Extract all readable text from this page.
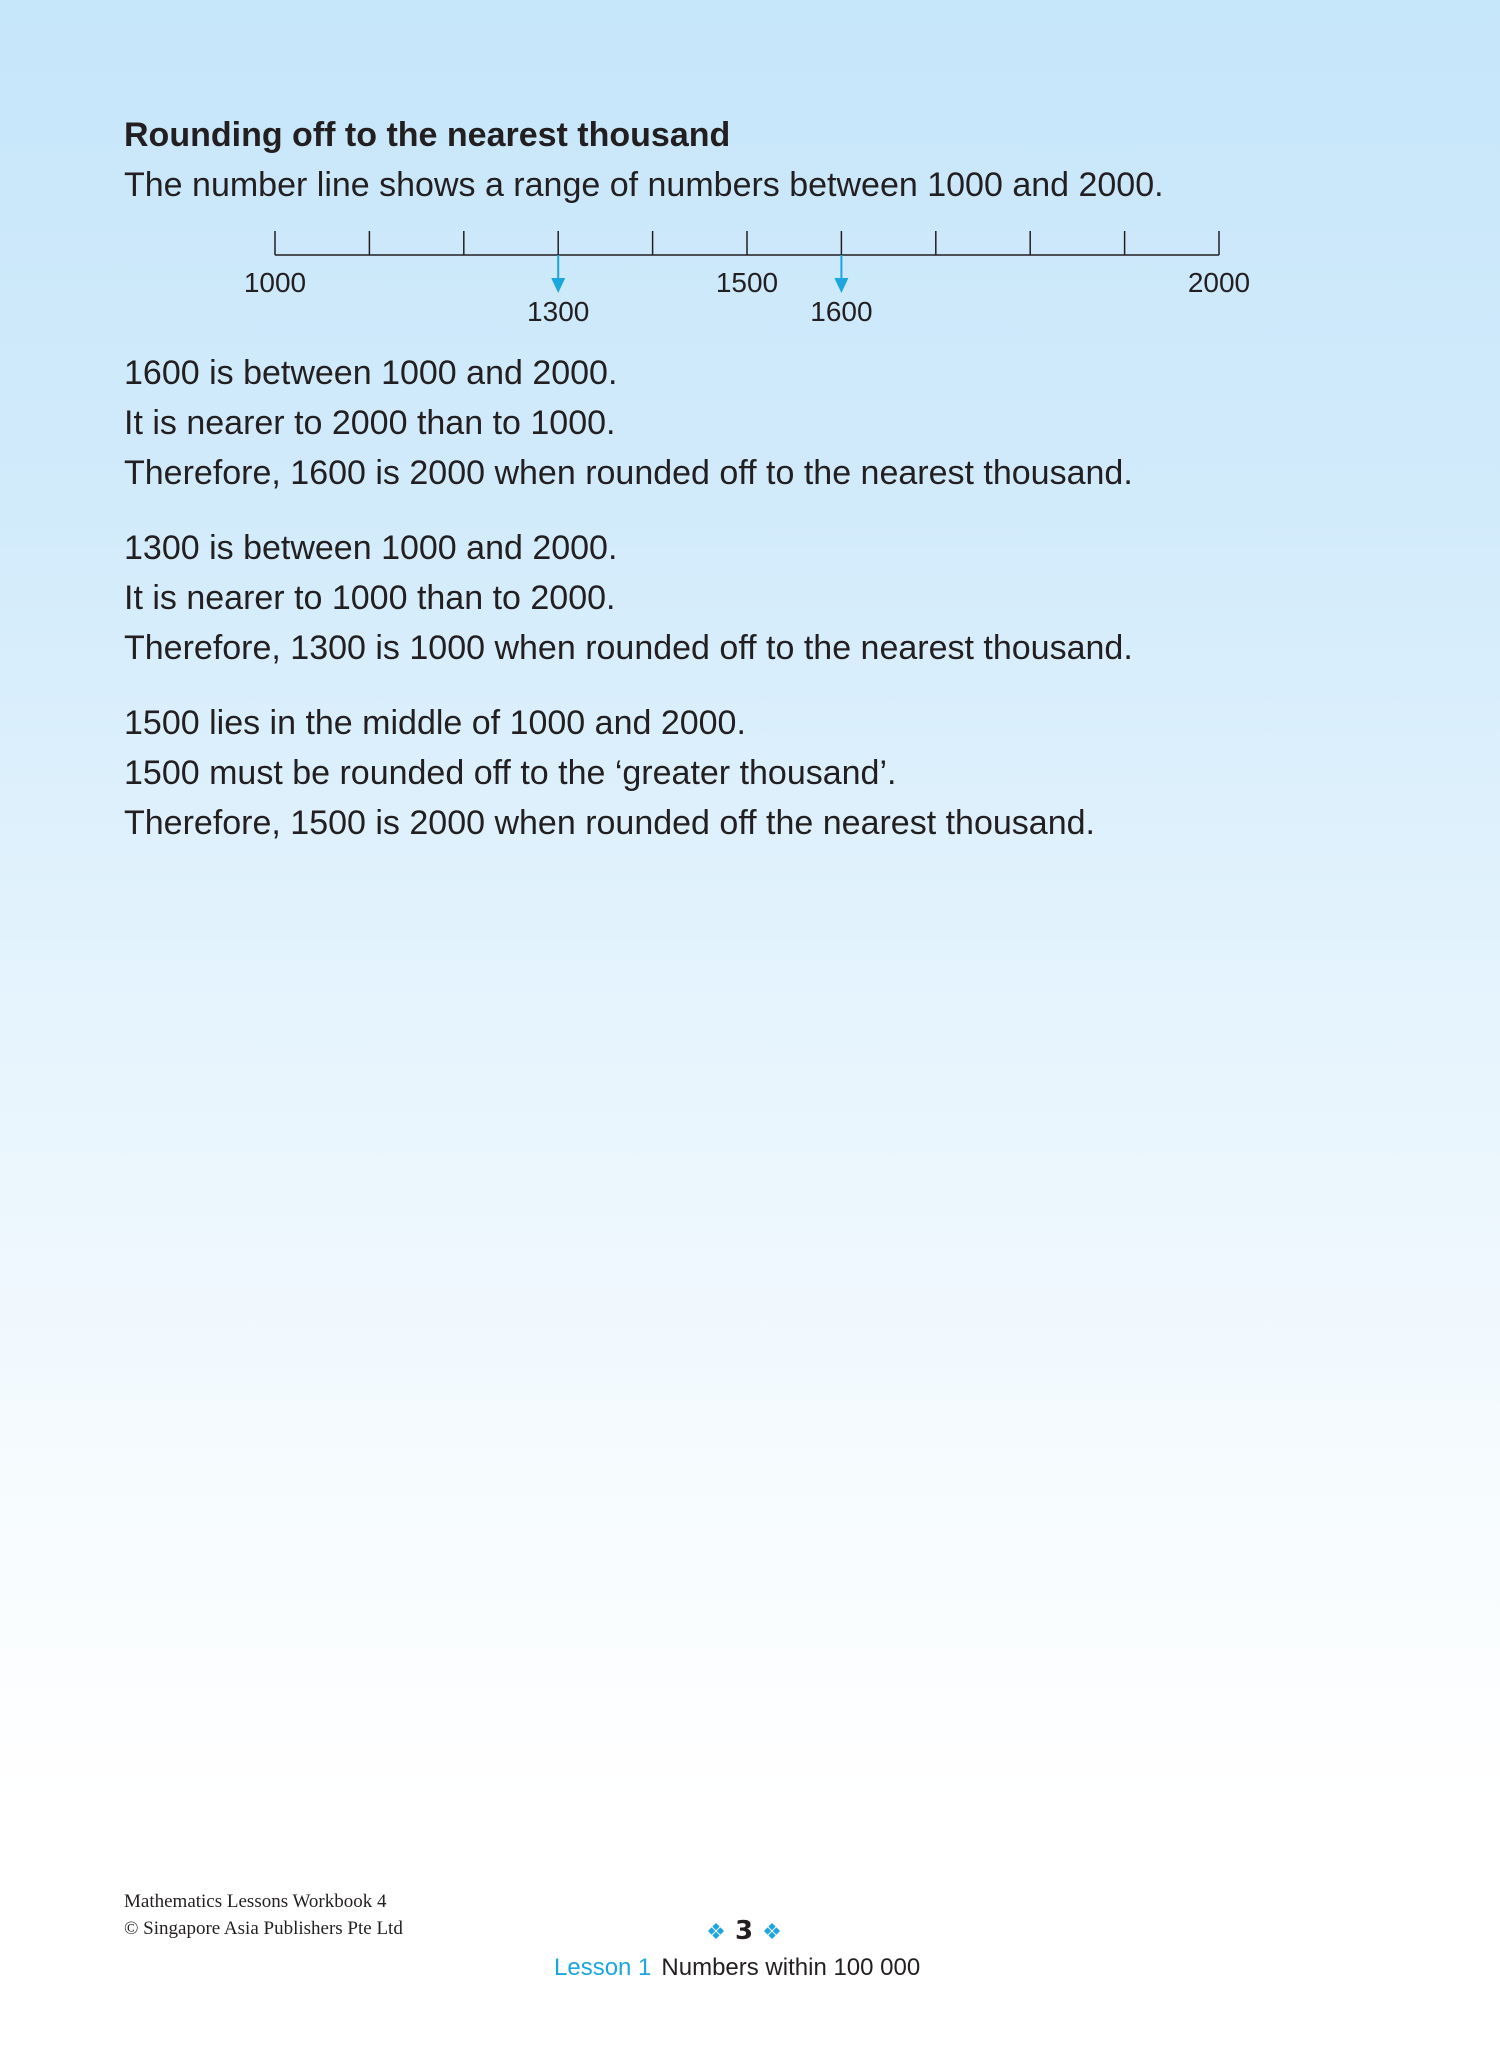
Rounding off to the nearest thousand
The number line shows a range of numbers between 1000 and 2000.
1000	1500	2000
1300	1600
1600 is between 1000 and 2000.
It is nearer to 2000 than to 1000.
Therefore, 1600 is 2000 when rounded off to the nearest thousand.
1300 is between 1000 and 2000.
It is nearer to 1000 than to 2000.
Therefore, 1300 is 1000 when rounded off to the nearest thousand.
1500 lies in the middle of 1000 and 2000.
1500 must be rounded off to the ‘greater thousand’.
Therefore, 1500 is 2000 when rounded off the nearest thousand.
Mathematics Lessons Workbook 4
© Singapore Asia Publishers Pte Ltd	❖ 3 ❖
Lesson 1 Numbers within 100 000
